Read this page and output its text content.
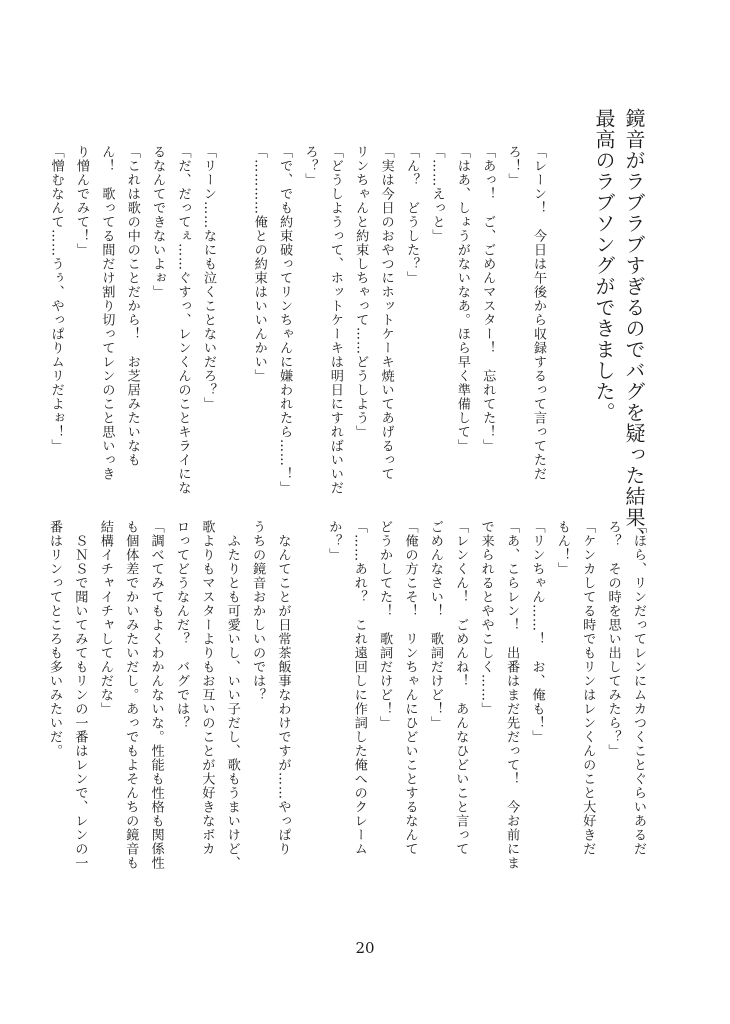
鏡音がラブラブすぎるのでバグを疑った結果、
最高のラブソングができました。
「レーン！　今日は午後から収録するって言ってただ
ろ！」
「あっ！　ご、ごめんマスター！　忘れてた！」
「はあ、しょうがないなあ。ほら早く準備して」
「……えっと」
「ん？　どうした？」
「実は今日のおやつにホットケーキ焼いてあげるって
リンちゃんと約束しちゃって……どうしよう」
「どうしようって、ホットケーキは明日にすればいいだ
ろ？」
「で、でも約束破ってリンちゃんに嫌われたら……！」
「…………俺との約束はいいんかい」

「リーン……なにも泣くことないだろ？」
「だ、だってぇ……ぐすっ、レンくんのことキライにな
るなんてできないよぉ」
「これは歌の中のことだから！　お芝居みたいなも
ん！　歌ってる間だけ割り切ってレンのこと思いっき
り憎んでみて！」
「憎むなんて……うぅ、やっぱりムリだよぉ！」
「ほら、リンだってレンにムカつくことぐらいあるだ
ろ？　その時を思い出してみたら？」
「ケンカしてる時でもリンはレンくんのこと大好きだ
もん！」
「リンちゃん……！　お、俺も！」
「あ、こらレン！　出番はまだ先だって！　今お前にま
で来られるとややこしく……」
「レンくん！　ごめんね！　あんなひどいこと言って
ごめんなさい！　歌詞だけど！」
「俺の方こそ！　リンちゃんにひどいことするなんて
どうかしてた！　歌詞だけど！」
「……あれ？　これ遠回しに作詞した俺へのクレーム
か？」

　なんてことが日常茶飯事なわけですが……やっぱり
うちの鏡音おかしいのでは？
　ふたりとも可愛いし、いい子だし、歌もうまいけど、
歌よりもマスターよりもお互いのことが大好きなボカ
ロってどうなんだ？　バグでは？
「調べてみてもよくわかんないな。性能も性格も関係性
も個体差でかいみたいだし。あっでもよそんちの鏡音も
結構イチャイチャしてんだな」
　ＳＮＳで聞いてみてもリンの一番はレンで、レンの一
番はリンってところも多いみたいだ。
20
